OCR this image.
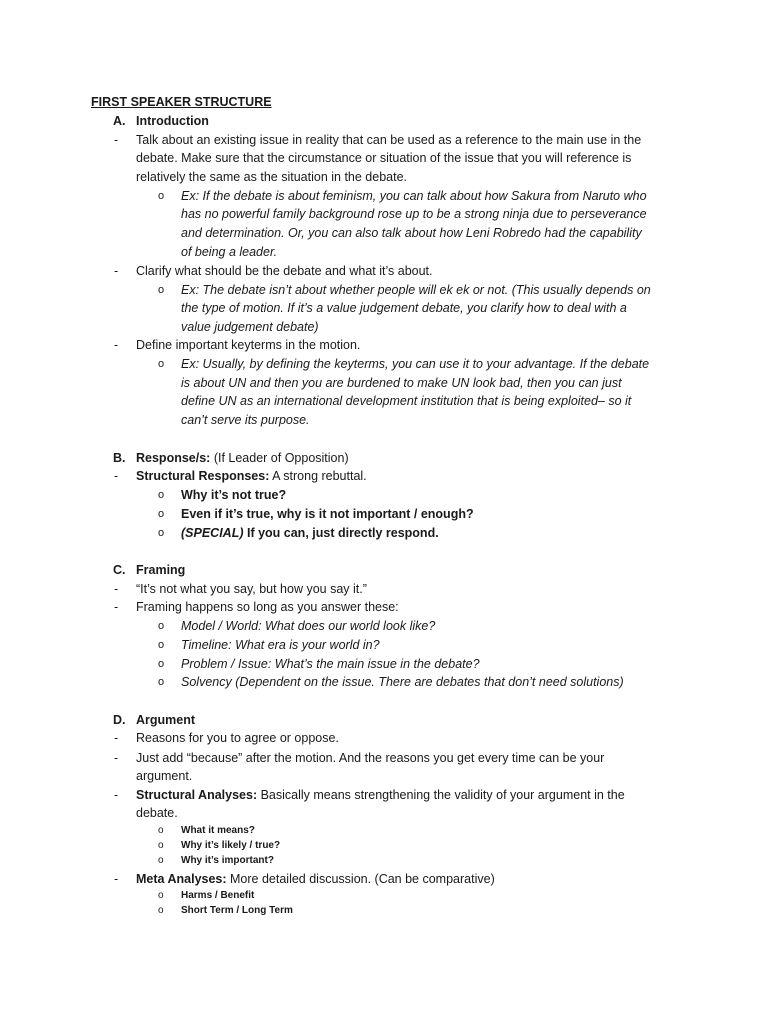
FIRST SPEAKER STRUCTURE
A. Introduction
- Talk about an existing issue in reality that can be used as a reference to the main use in the
debate. Make sure that the circumstance or situation of the issue that you will reference is
relatively the same as the situation in the debate.
o Ex: If the debate is about feminism, you can talk about how Sakura from Naruto who
has no powerful family background rose up to be a strong ninja due to perseverance
and determination. Or, you can also talk about how Leni Robredo had the capability
of being a leader.
- Clarify what should be the debate and what it’s about.
o Ex: The debate isn’t about whether people will ek ek or not. (This usually depends on
the type of motion. If it’s a value judgement debate, you clarify how to deal with a
value judgement debate)
- Define important keyterms in the motion.
o Ex: Usually, by defining the keyterms, you can use it to your advantage. If the debate
is about UN and then you are burdened to make UN look bad, then you can just
define UN as an international development institution that is being exploited– so it
can’t serve its purpose.
B. Response/s: (If Leader of Opposition)
- Structural Responses: A strong rebuttal.
o Why it’s not true?
o Even if it’s true, why is it not important / enough?
o (SPECIAL) If you can, just directly respond.
C. Framing
- “It’s not what you say, but how you say it.”
- Framing happens so long as you answer these:
o Model / World: What does our world look like?
o Timeline: What era is your world in?
o Problem / Issue: What’s the main issue in the debate?
o Solvency (Dependent on the issue. There are debates that don’t need solutions)
D. Argument
- Reasons for you to agree or oppose.
- Just add “because” after the motion. And the reasons you get every time can be your
argument.
- Structural Analyses: Basically means strengthening the validity of your argument in the
debate.
o What it means?
o Why it’s likely / true?
o Why it’s important?
- Meta Analyses: More detailed discussion. (Can be comparative)
o Harms / Benefit
o Short Term / Long Term
